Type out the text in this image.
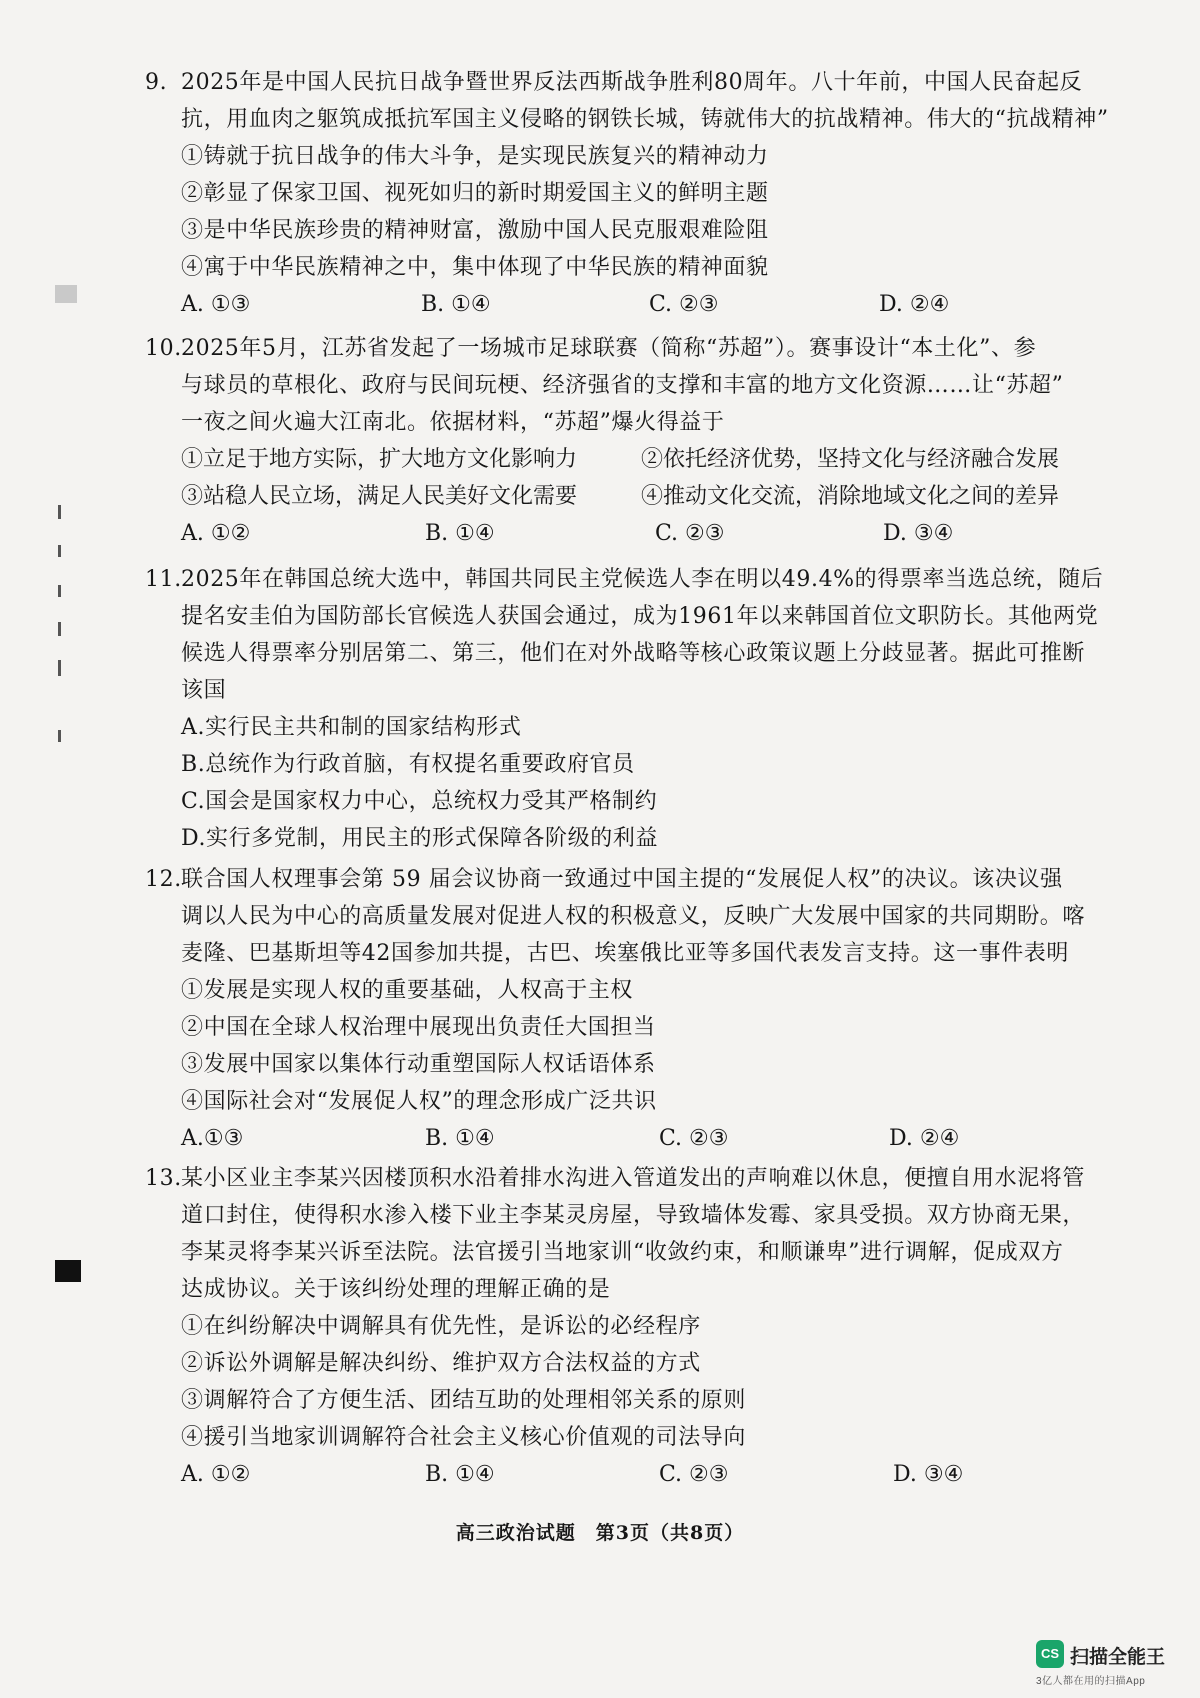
9. 2025年是中国人民抗日战争暨世界反法西斯战争胜利80周年。八十年前，中国人民奋起反
抗，用血肉之躯筑成抵抗军国主义侵略的钢铁长城，铸就伟大的抗战精神。伟大的“抗战精神”
①铸就于抗日战争的伟大斗争，是实现民族复兴的精神动力
②彰显了保家卫国、视死如归的新时期爱国主义的鲜明主题
③是中华民族珍贵的精神财富，激励中国人民克服艰难险阻
④寓于中华民族精神之中，集中体现了中华民族的精神面貌
A. ①③	B. ①④	C. ②③	D. ②④
10.2025年5月，江苏省发起了一场城市足球联赛（简称“苏超”）。赛事设计“本土化”、参
与球员的草根化、政府与民间玩梗、经济强省的支撑和丰富的地方文化资源……让“苏超”
一夜之间火遍大江南北。依据材料，“苏超”爆火得益于
①立足于地方实际，扩大地方文化影响力	②依托经济优势，坚持文化与经济融合发展
③站稳人民立场，满足人民美好文化需要	④推动文化交流，消除地域文化之间的差异
A. ①②	B. ①④	C. ②③	D. ③④
11.2025年在韩国总统大选中，韩国共同民主党候选人李在明以49.4%的得票率当选总统，随后
提名安圭伯为国防部长官候选人获国会通过，成为1961年以来韩国首位文职防长。其他两党
候选人得票率分别居第二、第三，他们在对外战略等核心政策议题上分歧显著。据此可推断
该国
A.实行民主共和制的国家结构形式
B.总统作为行政首脑，有权提名重要政府官员
C.国会是国家权力中心，总统权力受其严格制约
D.实行多党制，用民主的形式保障各阶级的利益
12.联合国人权理事会第 59 届会议协商一致通过中国主提的“发展促人权”的决议。该决议强
调以人民为中心的高质量发展对促进人权的积极意义，反映广大发展中国家的共同期盼。喀
麦隆、巴基斯坦等42国参加共提，古巴、埃塞俄比亚等多国代表发言支持。这一事件表明
①发展是实现人权的重要基础，人权高于主权
②中国在全球人权治理中展现出负责任大国担当
③发展中国家以集体行动重塑国际人权话语体系
④国际社会对“发展促人权”的理念形成广泛共识
A.①③	B. ①④	C. ②③	D. ②④
13.某小区业主李某兴因楼顶积水沿着排水沟进入管道发出的声响难以休息，便擅自用水泥将管
道口封住，使得积水渗入楼下业主李某灵房屋，导致墙体发霉、家具受损。双方协商无果，
李某灵将李某兴诉至法院。法官援引当地家训“收敛约束，和顺谦卑”进行调解，促成双方
达成协议。关于该纠纷处理的理解正确的是
①在纠纷解决中调解具有优先性，是诉讼的必经程序
②诉讼外调解是解决纠纷、维护双方合法权益的方式
③调解符合了方便生活、团结互助的处理相邻关系的原则
④援引当地家训调解符合社会主义核心价值观的司法导向
A. ①②	B. ①④	C. ②③	D. ③④
高三政治试题　第3页（共8页）
CS 扫描全能王
3亿人都在用的扫描App
